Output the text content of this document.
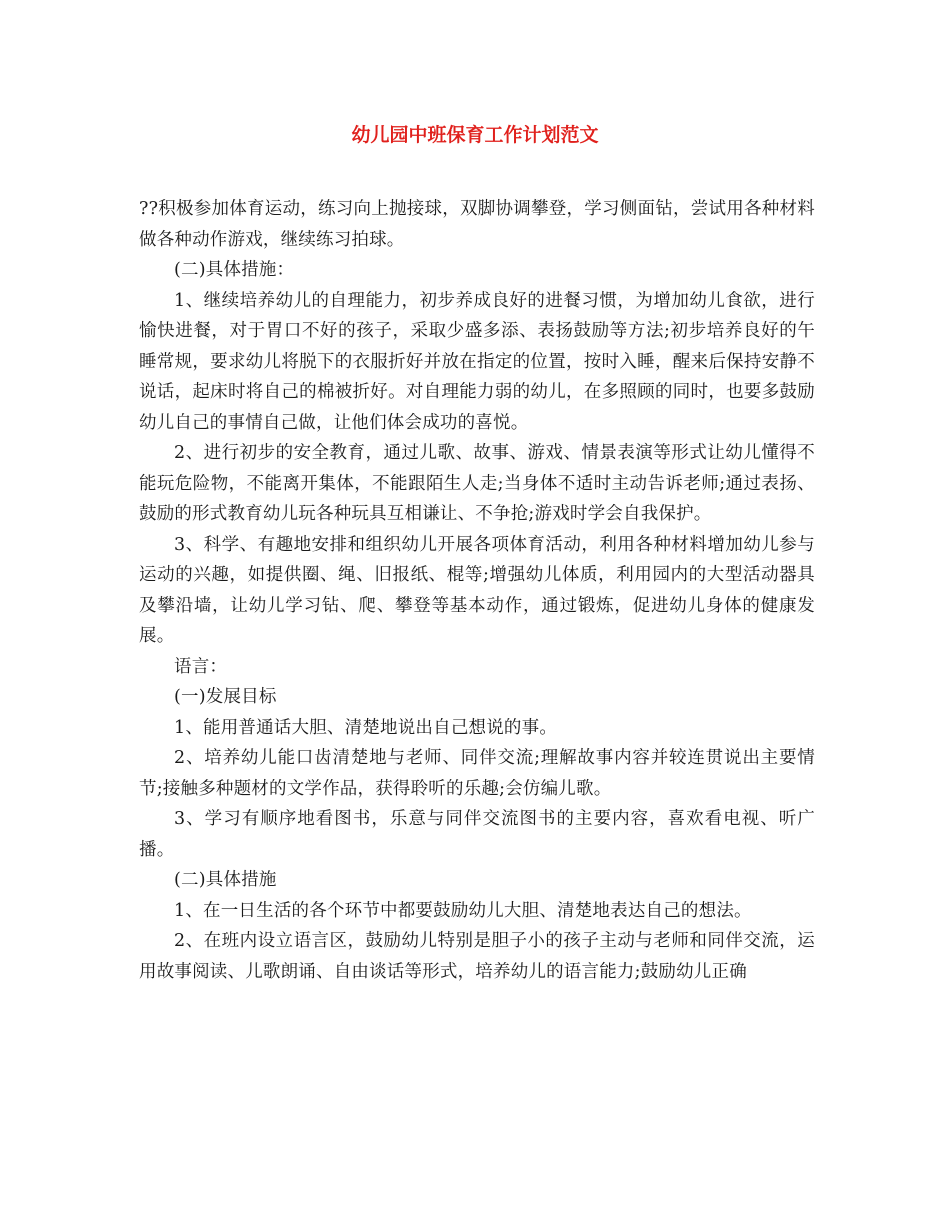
幼儿园中班保育工作计划范文

??积极参加体育运动，练习向上抛接球，双脚协调攀登，学习侧面钻，尝试用各种材料做各种动作游戏，继续练习拍球。

(二)具体措施：

1、继续培养幼儿的自理能力，初步养成良好的进餐习惯，为增加幼儿食欲，进行愉快进餐，对于胃口不好的孩子，采取少盛多添、表扬鼓励等方法;初步培养良好的午睡常规，要求幼儿将脱下的衣服折好并放在指定的位置，按时入睡，醒来后保持安静不说话，起床时将自己的棉被折好。对自理能力弱的幼儿，在多照顾的同时，也要多鼓励幼儿自己的事情自己做，让他们体会成功的喜悦。

2、进行初步的安全教育，通过儿歌、故事、游戏、情景表演等形式让幼儿懂得不能玩危险物，不能离开集体，不能跟陌生人走;当身体不适时主动告诉老师;通过表扬、鼓励的形式教育幼儿玩各种玩具互相谦让、不争抢;游戏时学会自我保护。

3、科学、有趣地安排和组织幼儿开展各项体育活动，利用各种材料增加幼儿参与运动的兴趣，如提供圈、绳、旧报纸、棍等;增强幼儿体质，利用园内的大型活动器具及攀沿墙，让幼儿学习钻、爬、攀登等基本动作，通过锻炼，促进幼儿身体的健康发展。

语言：

(一)发展目标

1、能用普通话大胆、清楚地说出自己想说的事。

2、培养幼儿能口齿清楚地与老师、同伴交流;理解故事内容并较连贯说出主要情节;接触多种题材的文学作品，获得聆听的乐趣;会仿编儿歌。

3、学习有顺序地看图书，乐意与同伴交流图书的主要内容，喜欢看电视、听广播。

(二)具体措施

1、在一日生活的各个环节中都要鼓励幼儿大胆、清楚地表达自己的想法。

2、在班内设立语言区，鼓励幼儿特别是胆子小的孩子主动与老师和同伴交流，运用故事阅读、儿歌朗诵、自由谈话等形式，培养幼儿的语言能力;鼓励幼儿正确
